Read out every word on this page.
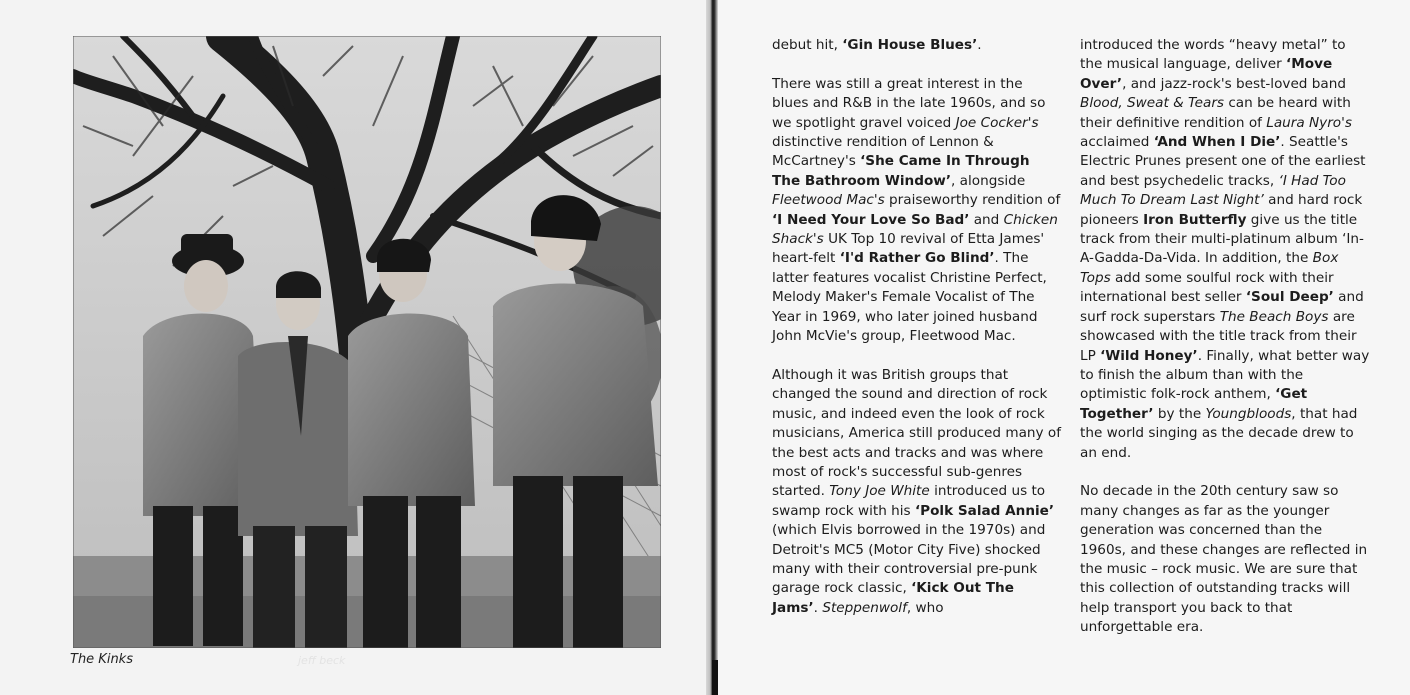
The Kinks	jeff beck

debut hit, ‘Gin House Blues’.

There was still a great interest in the blues and R&B in the late 1960s, and so we spotlight gravel voiced Joe Cocker's distinctive rendition of Lennon & McCartney's ‘She Came In Through The Bathroom Window’, alongside Fleetwood Mac's praiseworthy rendition of ‘I Need Your Love So Bad’ and Chicken Shack's UK Top 10 revival of Etta James' heart-felt ‘I'd Rather Go Blind’. The latter features vocalist Christine Perfect, Melody Maker's Female Vocalist of The Year in 1969, who later joined husband John McVie's group, Fleetwood Mac.

Although it was British groups that changed the sound and direction of rock music, and indeed even the look of rock musicians, America still produced many of the best acts and tracks and was where most of rock's successful sub-genres started. Tony Joe White introduced us to swamp rock with his ‘Polk Salad Annie’ (which Elvis borrowed in the 1970s) and Detroit's MC5 (Motor City Five) shocked many with their controversial pre-punk garage rock classic, ‘Kick Out The Jams’. Steppenwolf, who

introduced the words “heavy metal” to the musical language, deliver ‘Move Over’, and jazz-rock's best-loved band Blood, Sweat & Tears can be heard with their definitive rendition of Laura Nyro's acclaimed ‘And When I Die’. Seattle's Electric Prunes present one of the earliest and best psychedelic tracks, ‘I Had Too Much To Dream Last Night’ and hard rock pioneers Iron Butterfly give us the title track from their multi-platinum album ‘In-A-Gadda-Da-Vida. In addition, the Box Tops add some soulful rock with their international best seller ‘Soul Deep’ and surf rock superstars The Beach Boys are showcased with the title track from their LP ‘Wild Honey’. Finally, what better way to finish the album than with the optimistic folk-rock anthem, ‘Get Together’ by the Youngbloods, that had the world singing as the decade drew to an end.

No decade in the 20th century saw so many changes as far as the younger generation was concerned than the 1960s, and these changes are reflected in the music – rock music. We are sure that this collection of outstanding tracks will help transport you back to that unforgettable era.
